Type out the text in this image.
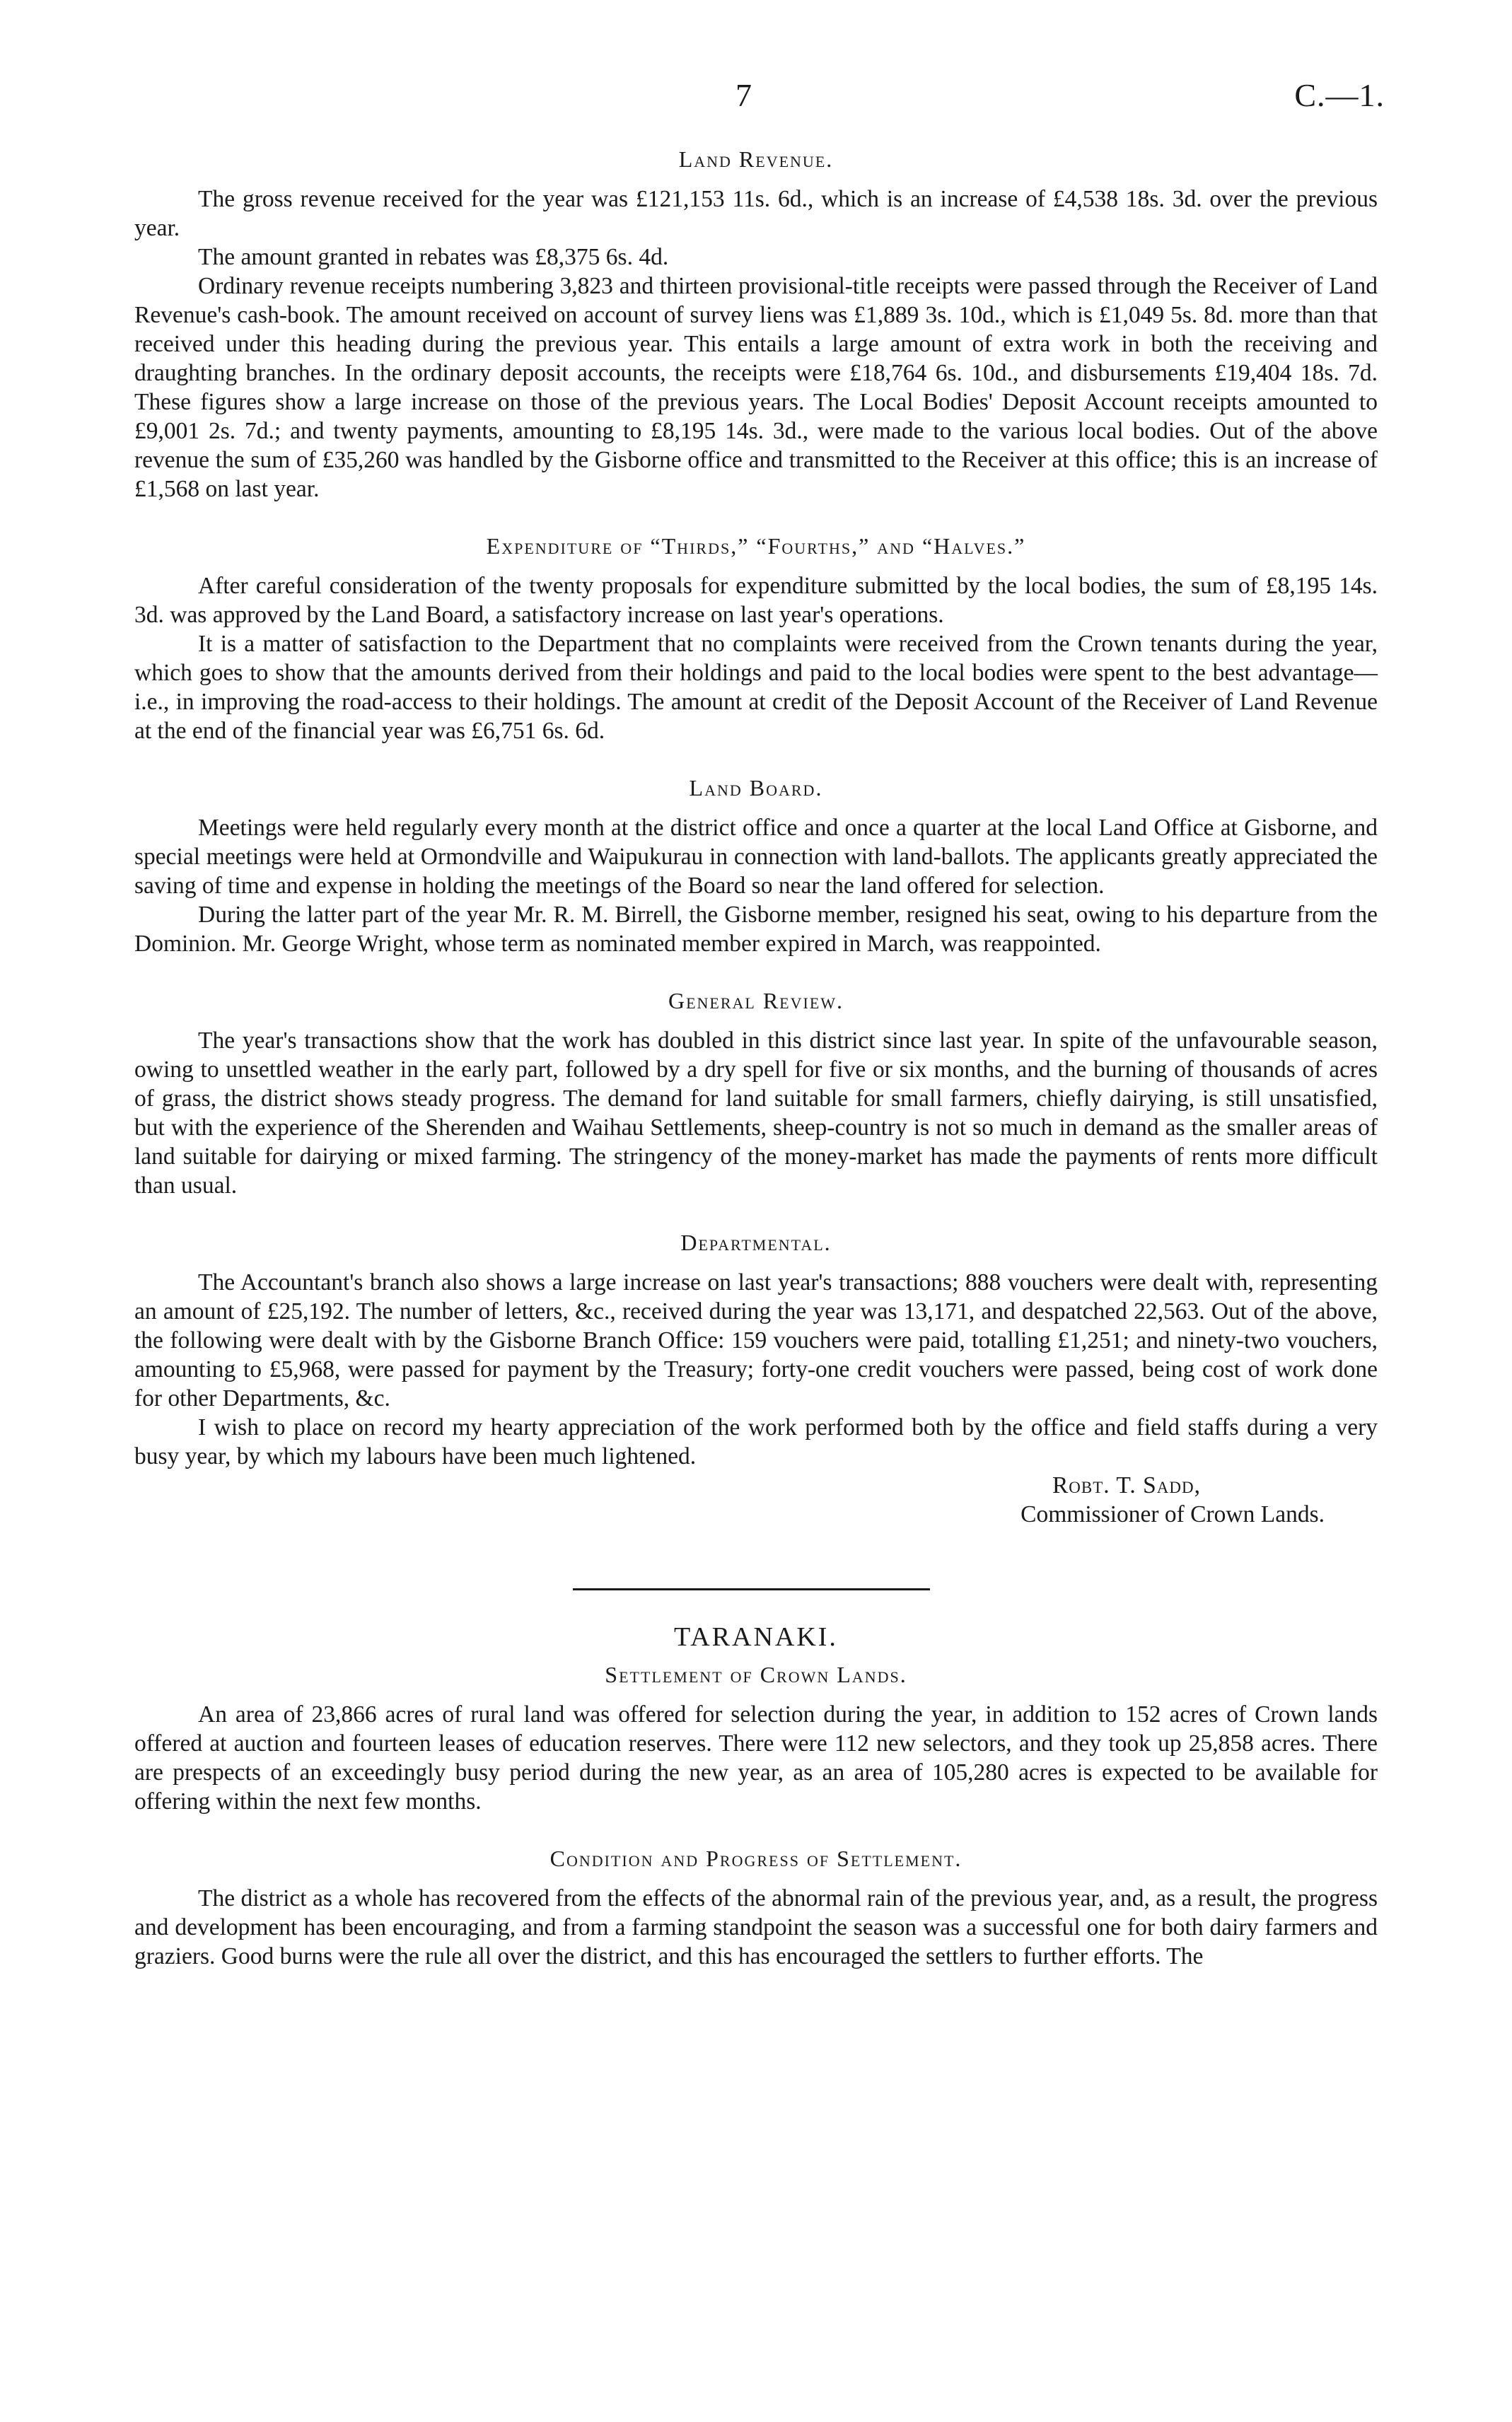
7	C.—1.
Land Revenue.

The gross revenue received for the year was £121,153 11s. 6d., which is an increase of £4,538 18s. 3d. over the previous year.

The amount granted in rebates was £8,375 6s. 4d.

Ordinary revenue receipts numbering 3,823 and thirteen provisional-title receipts were passed through the Receiver of Land Revenue's cash-book. The amount received on account of survey liens was £1,889 3s. 10d., which is £1,049 5s. 8d. more than that received under this heading during the previous year. This entails a large amount of extra work in both the receiving and draughting branches. In the ordinary deposit accounts, the receipts were £18,764 6s. 10d., and disbursements £19,404 18s. 7d. These figures show a large increase on those of the previous years. The Local Bodies' Deposit Account receipts amounted to £9,001 2s. 7d.; and twenty payments, amounting to £8,195 14s. 3d., were made to the various local bodies. Out of the above revenue the sum of £35,260 was handled by the Gisborne office and transmitted to the Receiver at this office; this is an increase of £1,568 on last year.

Expenditure of “Thirds,” “Fourths,” and “Halves.”

After careful consideration of the twenty proposals for expenditure submitted by the local bodies, the sum of £8,195 14s. 3d. was approved by the Land Board, a satisfactory increase on last year's operations.

It is a matter of satisfaction to the Department that no complaints were received from the Crown tenants during the year, which goes to show that the amounts derived from their holdings and paid to the local bodies were spent to the best advantage—i.e., in improving the road-access to their holdings. The amount at credit of the Deposit Account of the Receiver of Land Revenue at the end of the financial year was £6,751 6s. 6d.

Land Board.

Meetings were held regularly every month at the district office and once a quarter at the local Land Office at Gisborne, and special meetings were held at Ormondville and Waipukurau in connection with land-ballots. The applicants greatly appreciated the saving of time and expense in holding the meetings of the Board so near the land offered for selection.

During the latter part of the year Mr. R. M. Birrell, the Gisborne member, resigned his seat, owing to his departure from the Dominion. Mr. George Wright, whose term as nominated member expired in March, was reappointed.

General Review.

The year's transactions show that the work has doubled in this district since last year. In spite of the unfavourable season, owing to unsettled weather in the early part, followed by a dry spell for five or six months, and the burning of thousands of acres of grass, the district shows steady progress. The demand for land suitable for small farmers, chiefly dairying, is still unsatisfied, but with the experience of the Sherenden and Waihau Settlements, sheep-country is not so much in demand as the smaller areas of land suitable for dairying or mixed farming. The stringency of the money-market has made the payments of rents more difficult than usual.

Departmental.

The Accountant's branch also shows a large increase on last year's transactions; 888 vouchers were dealt with, representing an amount of £25,192. The number of letters, &c., received during the year was 13,171, and despatched 22,563. Out of the above, the following were dealt with by the Gisborne Branch Office: 159 vouchers were paid, totalling £1,251; and ninety-two vouchers, amounting to £5,968, were passed for payment by the Treasury; forty-one credit vouchers were passed, being cost of work done for other Departments, &c.

I wish to place on record my hearty appreciation of the work performed both by the office and field staffs during a very busy year, by which my labours have been much lightened.

Robt. T. Sadd,
Commissioner of Crown Lands.
TARANAKI.
Settlement of Crown Lands.

An area of 23,866 acres of rural land was offered for selection during the year, in addition to 152 acres of Crown lands offered at auction and fourteen leases of education reserves. There were 112 new selectors, and they took up 25,858 acres. There are prespects of an exceedingly busy period during the new year, as an area of 105,280 acres is expected to be available for offering within the next few months.

Condition and Progress of Settlement.

The district as a whole has recovered from the effects of the abnormal rain of the previous year, and, as a result, the progress and development has been encouraging, and from a farming standpoint the season was a successful one for both dairy farmers and graziers. Good burns were the rule all over the district, and this has encouraged the settlers to further efforts. The
